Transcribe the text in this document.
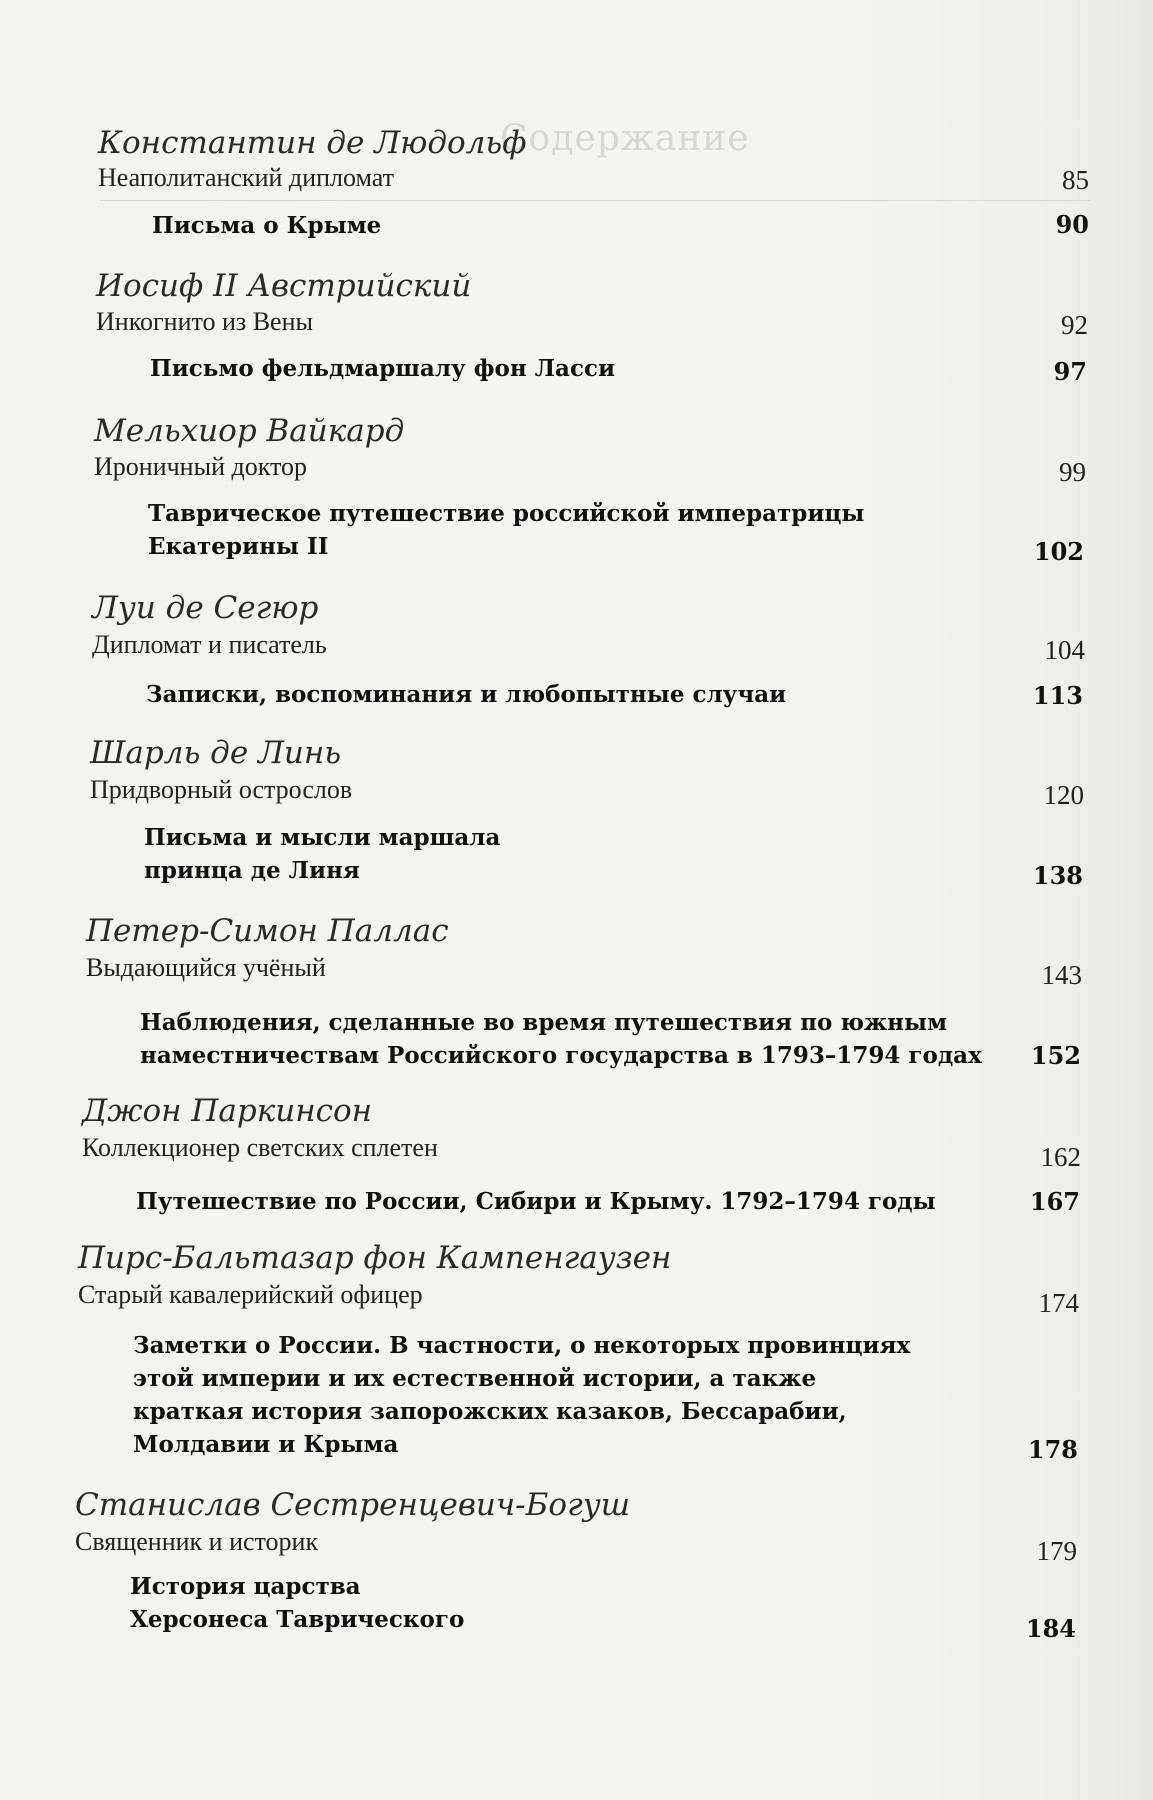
Содержание
Константин де Людольф
Неаполитанский дипломат	85
Письма о Крыме	90
Иосиф II Австрийский
Инкогнито из Вены	92
Письмо фельдмаршалу фон Ласси	97
Мельхиор Вайкард
Ироничный доктор	99
Таврическое путешествие российской императрицы
Екатерины II	102
Луи де Сегюр
Дипломат и писатель	104
Записки, воспоминания и любопытные случаи	113
Шарль де Линь
Придворный острослов	120
Письма и мысли маршала
принца де Линя	138
Петер-Симон Паллас
Выдающийся учёный	143
Наблюдения, сделанные во время путешествия по южным
наместничествам Российского государства в 1793–1794 годах	152
Джон Паркинсон
Коллекционер светских сплетен	162
Путешествие по России, Сибири и Крыму. 1792–1794 годы	167
Пирс-Бальтазар фон Кампенгаузен
Старый кавалерийский офицер	174
Заметки о России. В частности, о некоторых провинциях
этой империи и их естественной истории, а также
краткая история запорожских казаков, Бессарабии,
Молдавии и Крыма	178
Станислав Сестренцевич-Богуш
Священник и историк	179
История царства
Херсонеса Таврического	184
